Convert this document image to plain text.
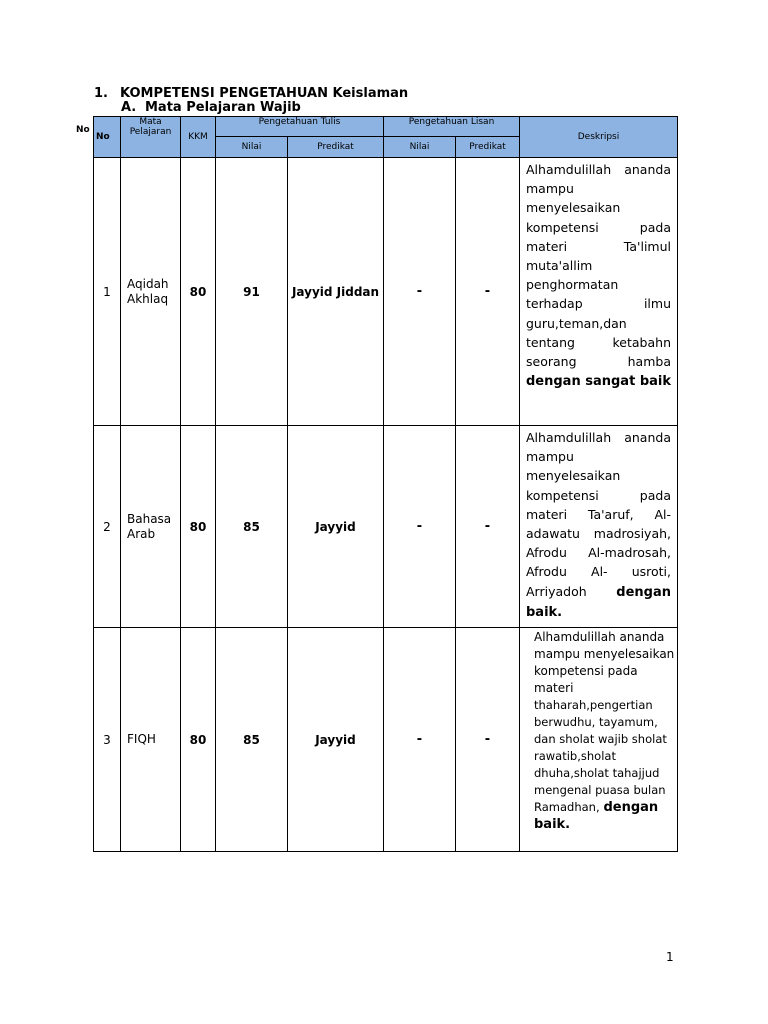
1. KOMPETENSI PENGETAHUAN Keislaman
A. Mata Pelajaran Wajib
No
No	Mata Pelajaran	KKM	Pengetahuan Tulis		Pengetahuan Lisan		Deskripsi
			Nilai	Predikat	Nilai	Predikat	
1	Aqidah Akhlaq	80	91	Jayyid Jiddan	-	-	Alhamdulillah ananda mampu menyelesaikan kompetensi pada materi Ta'limul muta'allim penghormatan terhadap ilmu guru,teman,dan tentang ketabahn seorang hamba dengan sangat baik
2	Bahasa Arab	80	85	Jayyid	-	-	Alhamdulillah ananda mampu menyelesaikan kompetensi pada materi Ta'aruf, Al-adawatu madrosiyah, Afrodu Al-madrosah, Afrodu Al- usroti, Arriyadoh dengan baik.
3	FIQH	80	85	Jayyid	-	-	Alhamdulillah ananda mampu menyelesaikan kompetensi pada materi thaharah,pengertian berwudhu, tayamum, dan sholat wajib sholat rawatib,sholat dhuha,sholat tahajjud mengenal puasa bulan Ramadhan, dengan baik.
1
